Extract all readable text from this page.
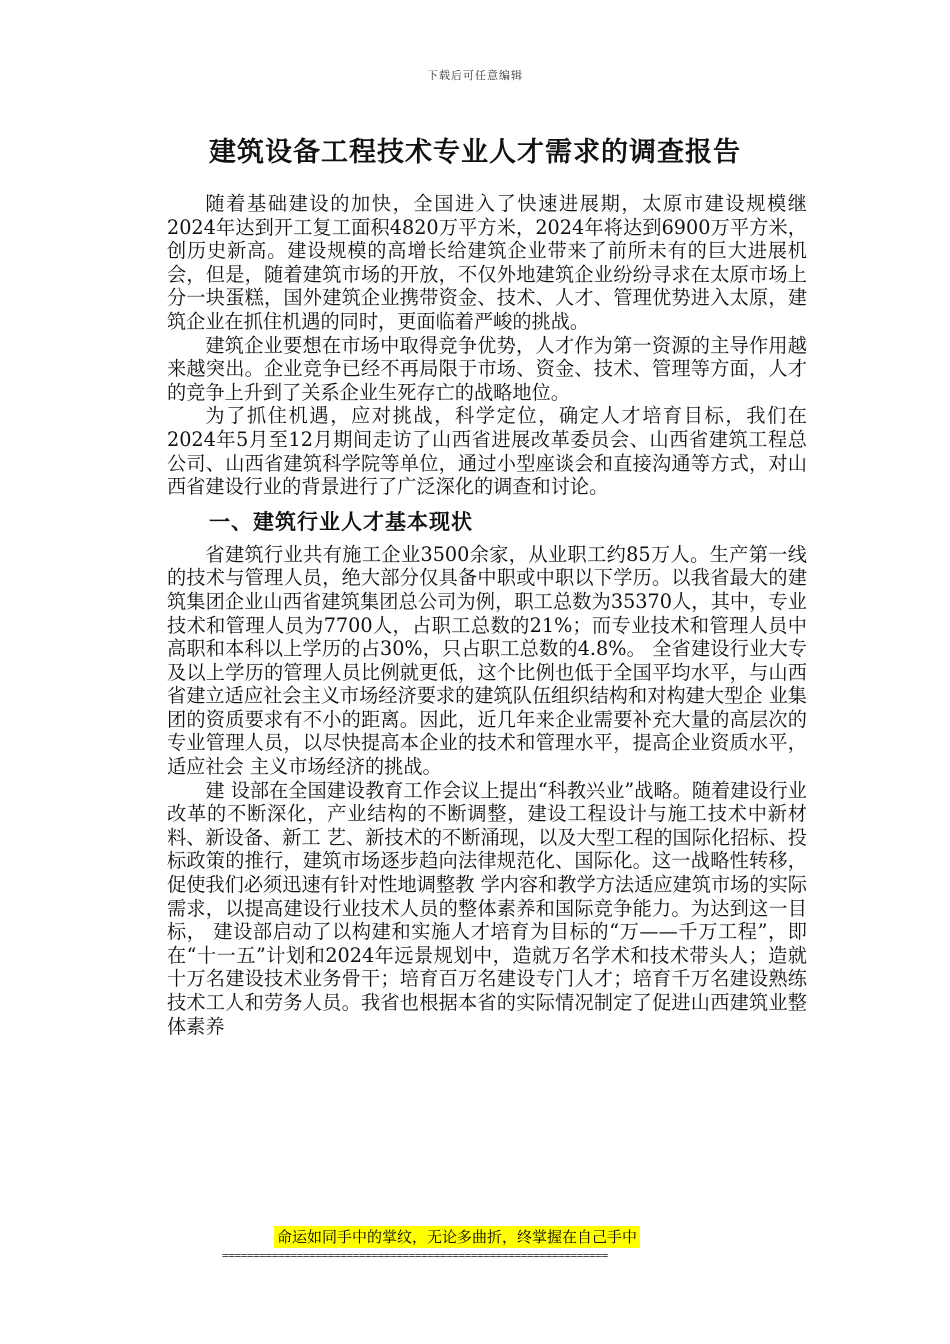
下载后可任意编辑
建筑设备工程技术专业人才需求的调查报告

随着基础建设的加快，全国进入了快速进展期，太原市建设规模继2024年达到开工复工面积4820万平方米，2024年将达到6900万平方米，创历史新高。建设规模的高增长给建筑企业带来了前所未有的巨大进展机会，但是，随着建筑市场的开放，不仅外地建筑企业纷纷寻求在太原市场上分一块蛋糕，国外建筑企业携带资金、技术、人才、管理优势进入太原，建筑企业在抓住机遇的同时，更面临着严峻的挑战。

建筑企业要想在市场中取得竞争优势，人才作为第一资源的主导作用越来越突出。企业竞争已经不再局限于市场、资金、技术、管理等方面，人才的竞争上升到了关系企业生死存亡的战略地位。

为了抓住机遇，应对挑战，科学定位，确定人才培育目标，我们在2024年5月至12月期间走访了山西省进展改革委员会、山西省建筑工程总公司、山西省建筑科学院等单位，通过小型座谈会和直接沟通等方式，对山西省建设行业的背景进行了广泛深化的调查和讨论。

一、建筑行业人才基本现状

省建筑行业共有施工企业3500余家，从业职工约85万人。生产第一线的技术与管理人员，绝大部分仅具备中职或中职以下学历。以我省最大的建筑集团企业山西省建筑集团总公司为例，职工总数为35370人，其中，专业技术和管理人员为7700人，占职工总数的21%；而专业技术和管理人员中高职和本科以上学历的占30%，只占职工总数的4.8%。 全省建设行业大专及以上学历的管理人员比例就更低，这个比例也低于全国平均水平，与山西省建立适应社会主义市场经济要求的建筑队伍组织结构和对构建大型企 业集团的资质要求有不小的距离。因此，近几年来企业需要补充大量的高层次的专业管理人员，以尽快提高本企业的技术和管理水平，提高企业资质水平，适应社会 主义市场经济的挑战。

建 设部在全国建设教育工作会议上提出“科教兴业”战略。随着建设行业改革的不断深化，产业结构的不断调整，建设工程设计与施工技术中新材料、新设备、新工 艺、新技术的不断涌现，以及大型工程的国际化招标、投标政策的推行，建筑市场逐步趋向法律规范化、国际化。这一战略性转移，促使我们必须迅速有针对性地调整教 学内容和教学方法适应建筑市场的实际需求，以提高建设行业技术人员的整体素养和国际竞争能力。为达到这一目标， 建设部启动了以构建和实施人才培育为目标的“万——千万工程”，即在“十一五”计划和2024年远景规划中，造就万名学术和技术带头人；造就十万名建设技术业务骨干；培育百万名建设专门人才；培育千万名建设熟练技术工人和劳务人员。我省也根据本省的实际情况制定了促进山西建筑业整体素养

命运如同手中的掌纹，无论多曲折，终掌握在自己手中
==============================================================
